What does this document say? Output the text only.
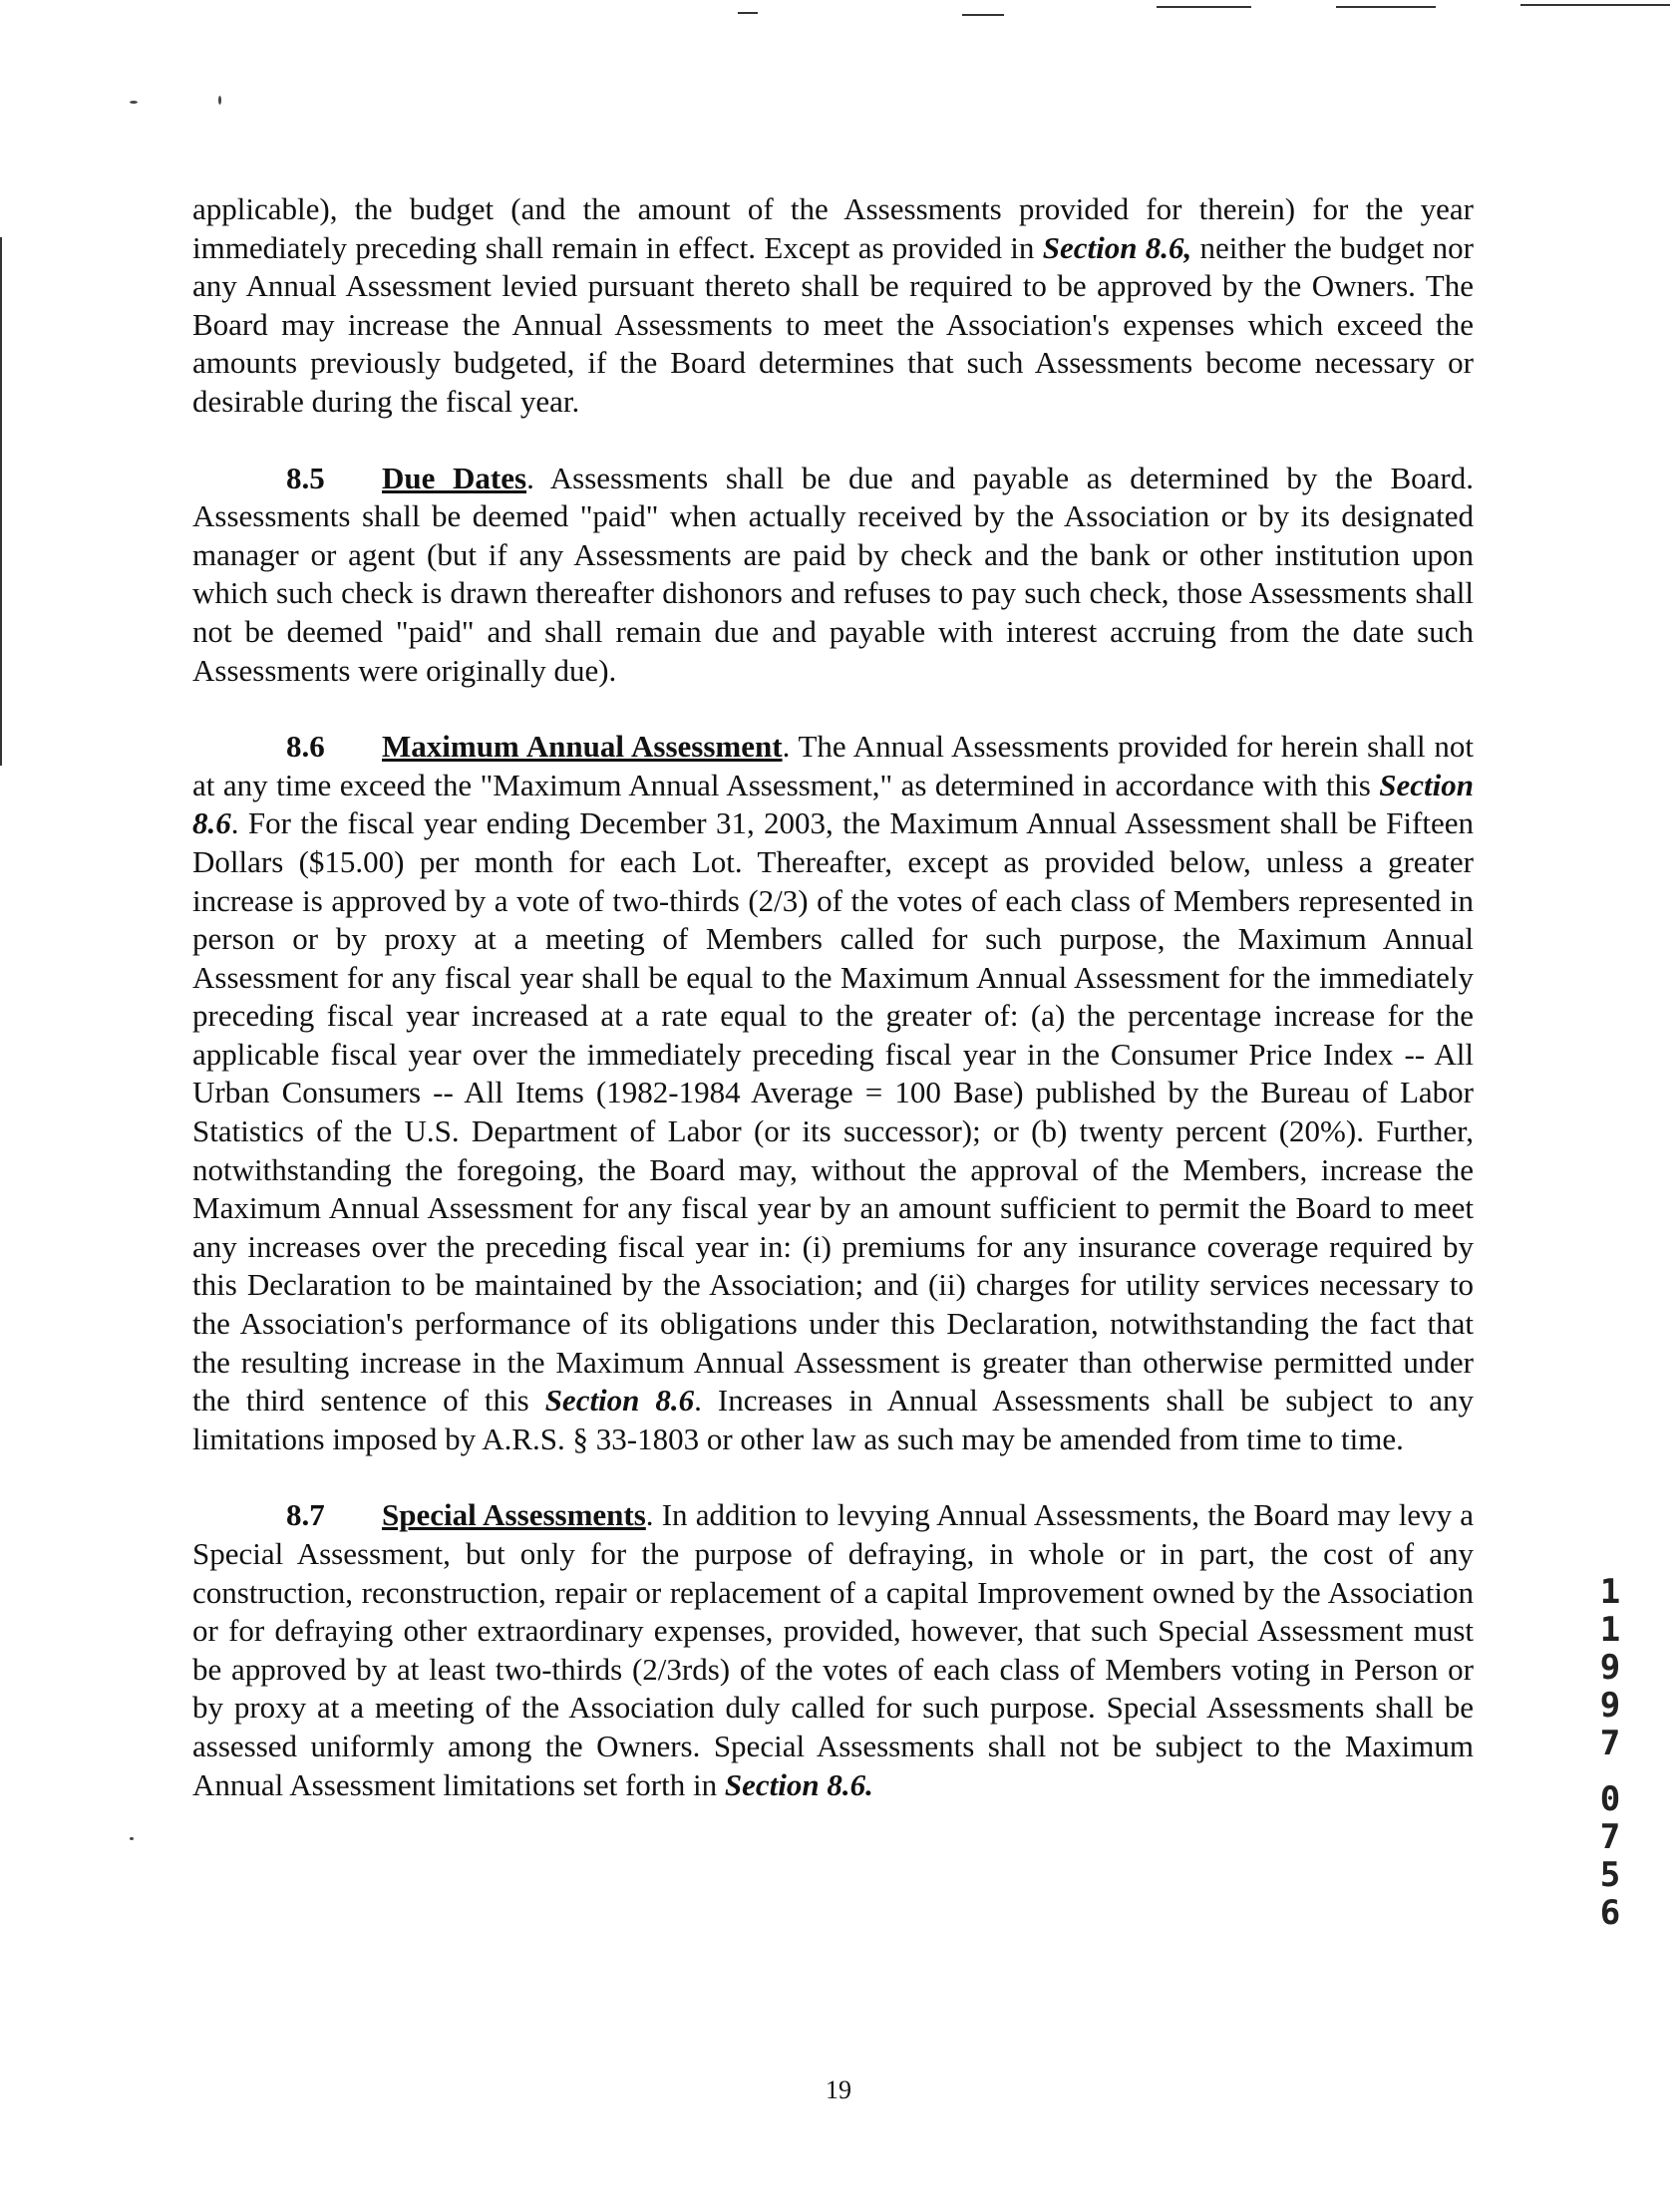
applicable), the budget (and the amount of the Assessments provided for therein) for the year immediately preceding shall remain in effect. Except as provided in Section 8.6, neither the budget nor any Annual Assessment levied pursuant thereto shall be required to be approved by the Owners. The Board may increase the Annual Assessments to meet the Association's expenses which exceed the amounts previously budgeted, if the Board determines that such Assessments become necessary or desirable during the fiscal year.

8.5 Due Dates. Assessments shall be due and payable as determined by the Board. Assessments shall be deemed "paid" when actually received by the Association or by its designated manager or agent (but if any Assessments are paid by check and the bank or other institution upon which such check is drawn thereafter dishonors and refuses to pay such check, those Assessments shall not be deemed "paid" and shall remain due and payable with interest accruing from the date such Assessments were originally due).

8.6 Maximum Annual Assessment. The Annual Assessments provided for herein shall not at any time exceed the "Maximum Annual Assessment," as determined in accordance with this Section 8.6. For the fiscal year ending December 31, 2003, the Maximum Annual Assessment shall be Fifteen Dollars ($15.00) per month for each Lot. Thereafter, except as provided below, unless a greater increase is approved by a vote of two-thirds (2/3) of the votes of each class of Members represented in person or by proxy at a meeting of Members called for such purpose, the Maximum Annual Assessment for any fiscal year shall be equal to the Maximum Annual Assessment for the immediately preceding fiscal year increased at a rate equal to the greater of: (a) the percentage increase for the applicable fiscal year over the immediately preceding fiscal year in the Consumer Price Index -- All Urban Consumers -- All Items (1982-1984 Average = 100 Base) published by the Bureau of Labor Statistics of the U.S. Department of Labor (or its successor); or (b) twenty percent (20%). Further, notwithstanding the foregoing, the Board may, without the approval of the Members, increase the Maximum Annual Assessment for any fiscal year by an amount sufficient to permit the Board to meet any increases over the preceding fiscal year in: (i) premiums for any insurance coverage required by this Declaration to be maintained by the Association; and (ii) charges for utility services necessary to the Association's performance of its obligations under this Declaration, notwithstanding the fact that the resulting increase in the Maximum Annual Assessment is greater than otherwise permitted under the third sentence of this Section 8.6. Increases in Annual Assessments shall be subject to any limitations imposed by A.R.S. § 33-1803 or other law as such may be amended from time to time.

8.7 Special Assessments. In addition to levying Annual Assessments, the Board may levy a Special Assessment, but only for the purpose of defraying, in whole or in part, the cost of any construction, reconstruction, repair or replacement of a capital Improvement owned by the Association or for defraying other extraordinary expenses, provided, however, that such Special Assessment must be approved by at least two-thirds (2/3rds) of the votes of each class of Members voting in Person or by proxy at a meeting of the Association duly called for such purpose. Special Assessments shall be assessed uniformly among the Owners. Special Assessments shall not be subject to the Maximum Annual Assessment limitations set forth in Section 8.6.

1
1
9
9
7
0
7
5
6
19
